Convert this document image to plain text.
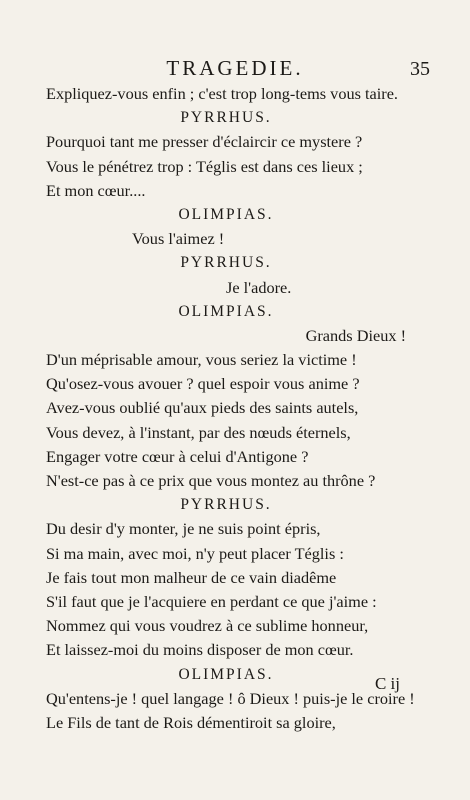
TRAGEDIE.	35
Expliquez-vous enfin ; c'est trop long-tems vous taire.
PYRRHUS.
Pourquoi tant me presser d'éclaircir ce mystere ?
Vous le pénétrez trop : Téglis est dans ces lieux ;
Et mon cœur....
OLIMPIAS.
Vous l'aimez !
PYRRHUS.
Je l'adore.
OLIMPIAS.
Grands Dieux !
D'un méprisable amour, vous seriez la victime !
Qu'osez-vous avouer ? quel espoir vous anime ?
Avez-vous oublié qu'aux pieds des saints autels,
Vous devez, à l'instant, par des nœuds éternels,
Engager votre cœur à celui d'Antigone ?
N'est-ce pas à ce prix que vous montez au thrône ?
PYRRHUS.
Du desir d'y monter, je ne suis point épris,
Si ma main, avec moi, n'y peut placer Téglis :
Je fais tout mon malheur de ce vain diadême
S'il faut que je l'acquiere en perdant ce que j'aime :
Nommez qui vous voudrez à ce sublime honneur,
Et laissez-moi du moins disposer de mon cœur.
OLIMPIAS.
Qu'entens-je ! quel langage ! ô Dieux ! puis-je le croire !
Le Fils de tant de Rois démentiroit sa gloire,
C ij
